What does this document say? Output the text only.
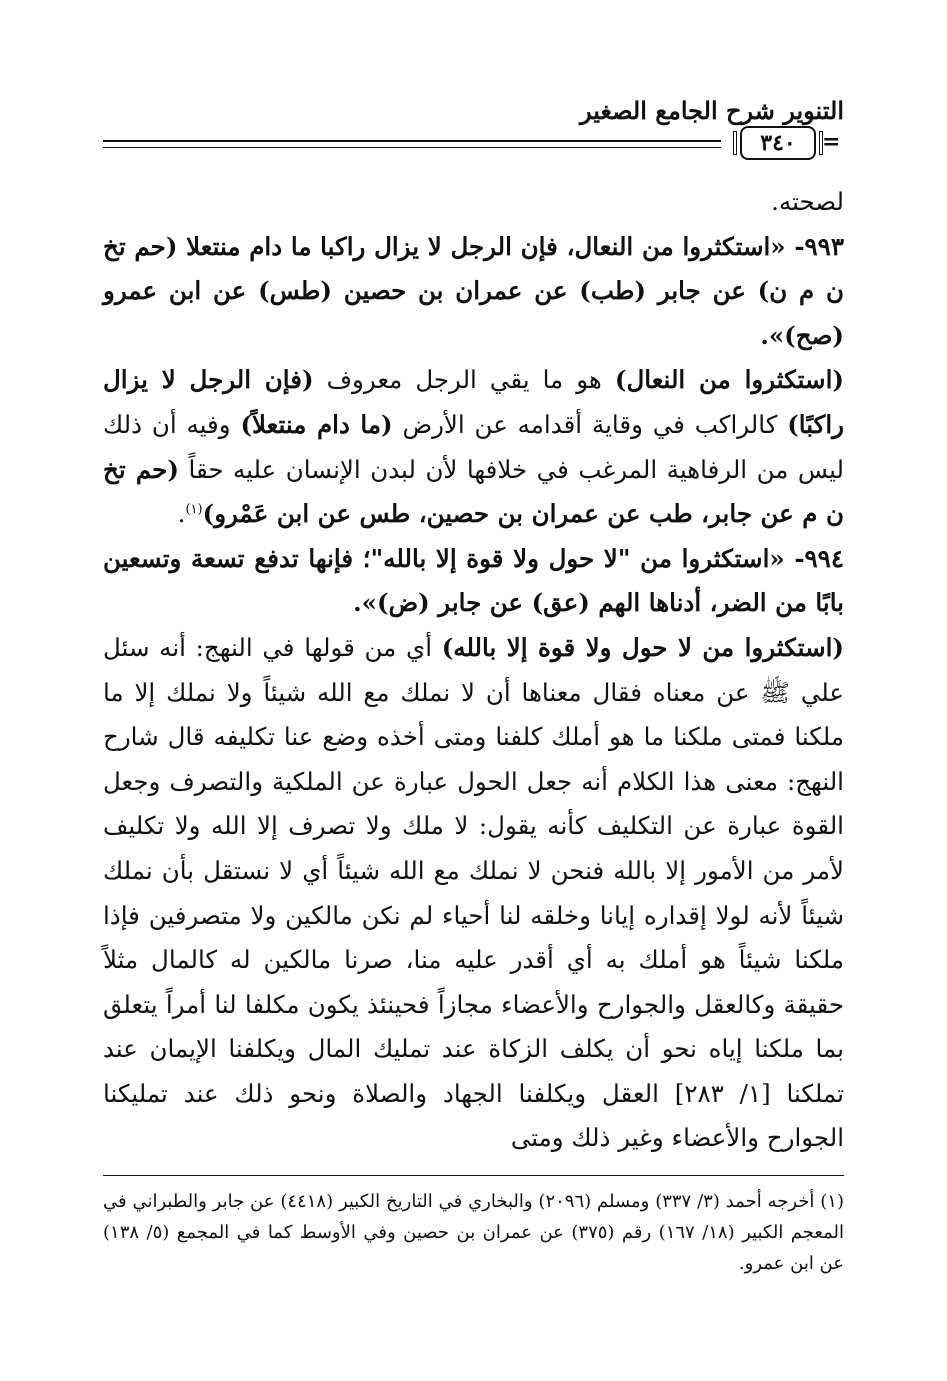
التنوير شرح الجامع الصغير
٣٤٠	=

لصحته.

٩٩٣- «استكثروا من النعال، فإن الرجل لا يزال راكبا ما دام منتعلا (حم تخ ن م ن) عن جابر (طب) عن عمران بن حصين (طس) عن ابن عمرو (صح)».

(استكثروا من النعال) هو ما يقي الرجل معروف (فإن الرجل لا يزال راكبًا) كالراكب في وقاية أقدامه عن الأرض (ما دام منتعلاً) وفيه أن ذلك ليس من الرفاهية المرغب في خلافها لأن لبدن الإنسان عليه حقاً (حم تخ ن م عن جابر، طب عن عمران بن حصين، طس عن ابن عَمْرو)$^{(١)}$.

٩٩٤- «استكثروا من "لا حول ولا قوة إلا بالله"؛ فإنها تدفع تسعة وتسعين بابًا من الضر، أدناها الهم (عق) عن جابر (ض)».

(استكثروا من لا حول ولا قوة إلا بالله) أي من قولها في النهج: أنه سئل علي ﷺ عن معناه فقال معناها أن لا نملك مع الله شيئاً ولا نملك إلا ما ملكنا فمتى ملكنا ما هو أملك كلفنا ومتى أخذه وضع عنا تكليفه قال شارح النهج: معنى هذا الكلام أنه جعل الحول عبارة عن الملكية والتصرف وجعل القوة عبارة عن التكليف كأنه يقول: لا ملك ولا تصرف إلا الله ولا تكليف لأمر من الأمور إلا بالله فنحن لا نملك مع الله شيئاً أي لا نستقل بأن نملك شيئاً لأنه لولا إقداره إيانا وخلقه لنا أحياء لم نكن مالكين ولا متصرفين فإذا ملكنا شيئاً هو أملك به أي أقدر عليه منا، صرنا مالكين له كالمال مثلاً حقيقة وكالعقل والجوارح والأعضاء مجازاً فحينئذ يكون مكلفا لنا أمراً يتعلق بما ملكنا إياه نحو أن يكلف الزكاة عند تمليك المال ويكلفنا الإيمان عند تملكنا [١/ ٢٨٣] العقل ويكلفنا الجهاد والصلاة ونحو ذلك عند تمليكنا الجوارح والأعضاء وغير ذلك ومتى

(١) أخرجه أحمد (٣/ ٣٣٧) ومسلم (٢٠٩٦) والبخاري في التاريخ الكبير (٤٤١٨) عن جابر والطبراني في المعجم الكبير (١٨/ ١٦٧) رقم (٣٧٥) عن عمران بن حصين وفي الأوسط كما في المجمع (٥/ ١٣٨) عن ابن عمرو.
